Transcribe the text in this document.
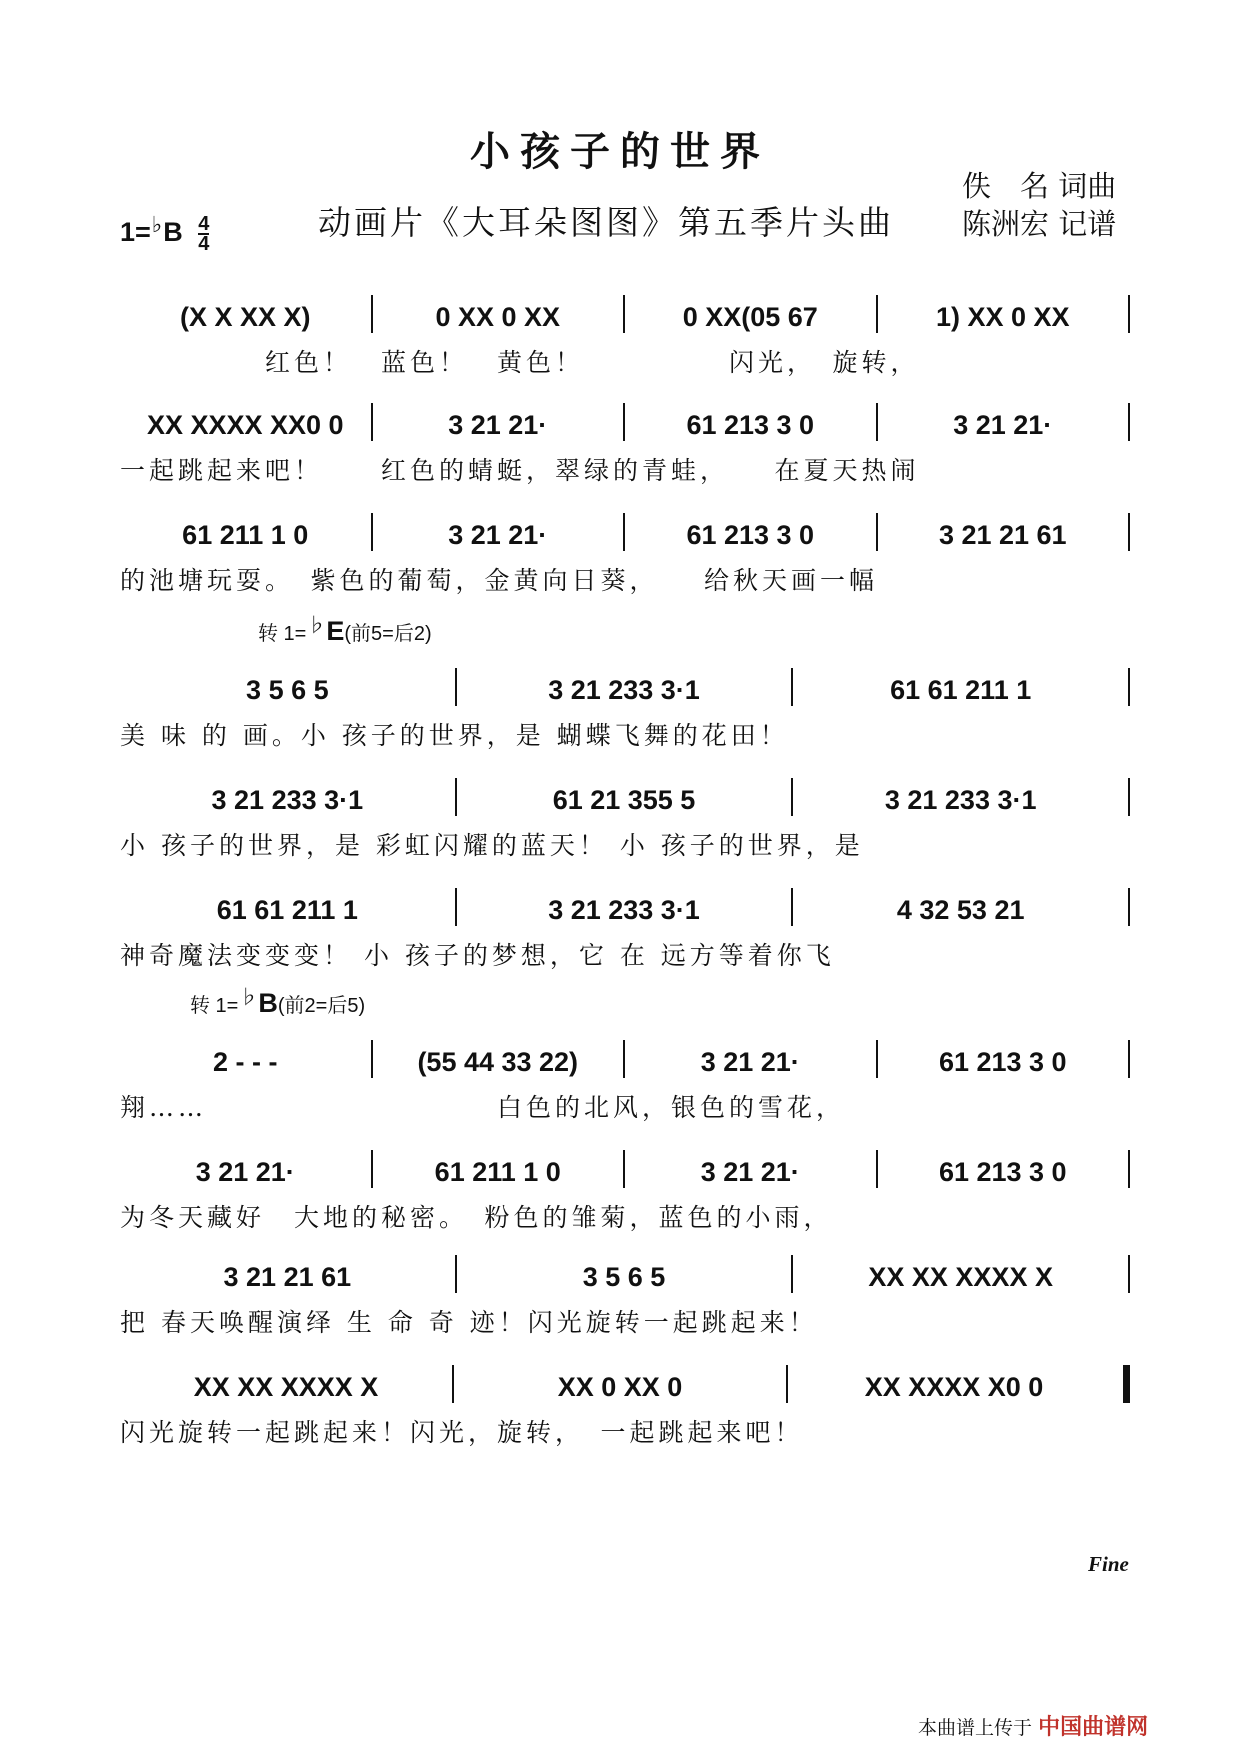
小孩子的世界
动画片《大耳朵图图》第五季片头曲
佚　名 词曲
陈洲宏 记谱
$1=^♭B \frac{4}{4}$
(X X XX X)	0 XX 0 XX	0 XX(05 67	1) XX 0 XX
　　　　　红色！　蓝色！　黄色！　　　　　闪光，　旋转，
XX XXXX XX0 0	3 21 21·	61 213 3 0	3 21 21·
一起跳起来吧！　　红色的蜻蜓，翠绿的青蛙，　　在夏天热闹
61 211 1 0	3 21 21·	61 213 3 0	3 21 21 61
的池塘玩耍。　紫色的葡萄，金黄向日葵，　　给秋天画一幅
转 1=♭E(前5=后2)
3 5 6 5	3 21 233 3·1	61 61 211 1
美 味 的 画。小 孩子的世界，是 蝴蝶飞舞的花田！
3 21 233 3·1	61 21 355 5	3 21 233 3·1
小 孩子的世界，是 彩虹闪耀的蓝天！ 小 孩子的世界，是
61 61 211 1	3 21 233 3·1	4 32 53 21
神奇魔法变变变！ 小 孩子的梦想，它 在 远方等着你飞
转 1=♭B(前2=后5)
2 - - -	(55 44 33 22)	3 21 21·	61 213 3 0
翔……　　　　　　　　　　白色的北风，银色的雪花，
3 21 21·	61 211 1 0	3 21 21·	61 213 3 0
为冬天藏好　大地的秘密。　粉色的雏菊，蓝色的小雨，
3 21 21 61	3 5 6 5	XX XX XXXX X
把 春天唤醒演绎 生 命 奇 迹！闪光旋转一起跳起来！
XX XX XXXX X	XX 0 XX 0	XX XXXX X0 0
闪光旋转一起跳起来！闪光，旋转，　一起跳起来吧！
Fine
本曲谱上传于 中国曲谱网
